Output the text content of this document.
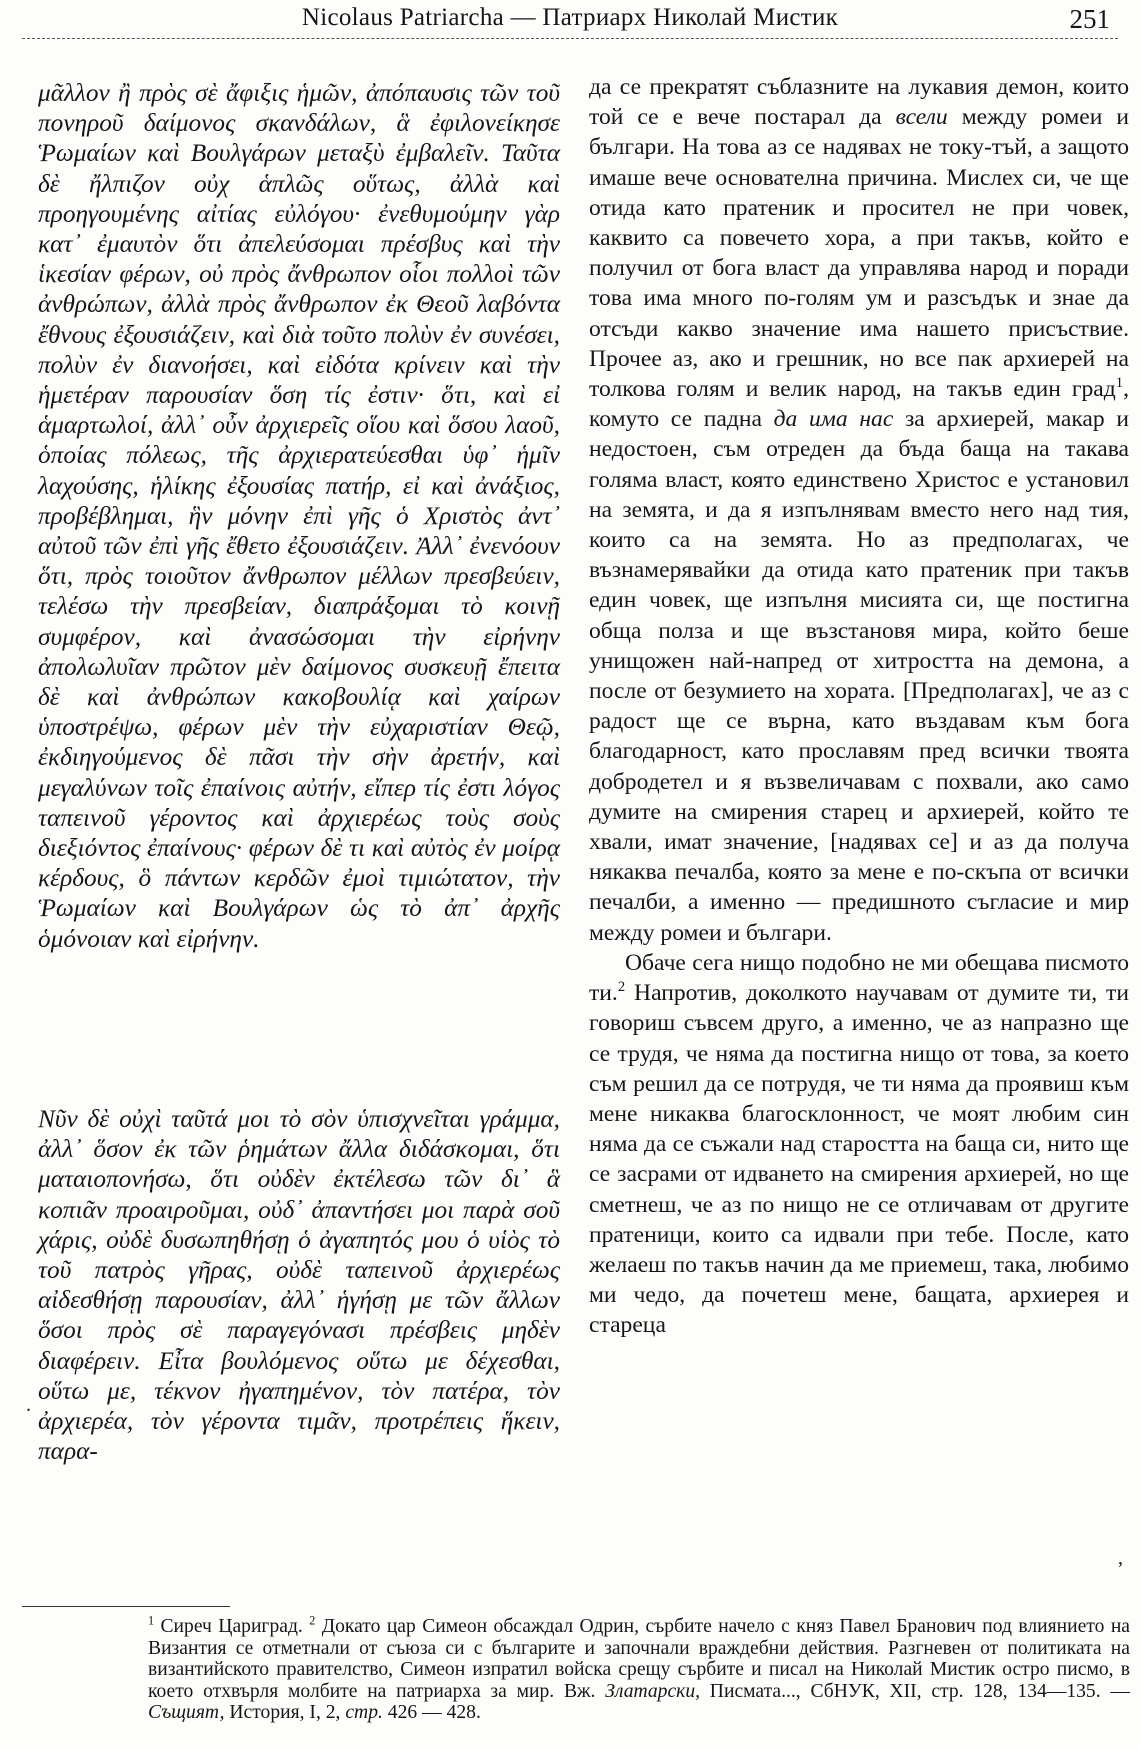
Nicolaus Patriarcha — Патриарх Николай Мистик	251

μᾶλλον ἢ πρὸς σὲ ἄφιξις ἡμῶν, ἀπόπαυσις τῶν τοῦ πονηροῦ δαίμονος σκανδάλων, ἃ ἐφιλονείκησε Ῥωμαίων καὶ Βουλγάρων μεταξὺ ἐμβαλεῖν. Ταῦτα δὲ ἤλπιζον οὐχ ἁπλῶς οὕτως, ἀλλὰ καὶ προηγουμένης αἰτίας εὐλόγου· ἐνεθυμούμην γὰρ κατ᾽ ἐμαυτὸν ὅτι ἀπελεύσομαι πρέσβυς καὶ τὴν ἱκεσίαν φέρων, οὐ πρὸς ἄνθρωπον οἷοι πολλοὶ τῶν ἀνθρώπων, ἀλλὰ πρὸς ἄνθρωπον ἐκ Θεοῦ λαβόντα ἔθνους ἐξουσιάζειν, καὶ διὰ τοῦτο πολὺν ἐν συνέσει, πολὺν ἐν διανοήσει, καὶ εἰδότα κρίνειν καὶ τὴν ἡμετέραν παρουσίαν ὅση τίς ἐστιν· ὅτι, καὶ εἰ ἁμαρτωλοί, ἀλλ᾽ οὖν ἀρχιερεῖς οἵου καὶ ὅσου λαοῦ, ὁποίας πόλεως, τῆς ἀρχιερατεύεσθαι ὑφ᾽ ἡμῖν λαχούσης, ἡλίκης ἐξουσίας πατήρ, εἰ καὶ ἀνάξιος, προβέβλημαι, ἣν μόνην ἐπὶ γῆς ὁ Χριστὸς ἀντ᾽ αὐτοῦ τῶν ἐπὶ γῆς ἔθετο ἐξουσιάζειν. Ἀλλ᾽ ἐνενόουν ὅτι, πρὸς τοιοῦτον ἄνθρωπον μέλλων πρεσβεύειν, τελέσω τὴν πρεσβείαν, διαπράξομαι τὸ κοινῇ συμφέρον, καὶ ἀνασώσομαι τὴν εἰρήνην ἀπολωλυῖαν πρῶτον μὲν δαίμονος συσκευῇ ἔπειτα δὲ καὶ ἀνθρώπων κακοβουλίᾳ καὶ χαίρων ὑποστρέψω, φέρων μὲν τὴν εὐχαριστίαν Θεῷ, ἐκδιηγούμενος δὲ πᾶσι τὴν σὴν ἀρετήν, καὶ μεγαλύνων τοῖς ἐπαίνοις αὐτήν, εἴπερ τίς ἐστι λόγος ταπεινοῦ γέροντος καὶ ἀρχιερέως τοὺς σοὺς διεξιόντος ἐπαίνους· φέρων δὲ τι καὶ αὐτὸς ἐν μοίρᾳ κέρδους, ὃ πάντων κερδῶν ἐμοὶ τιμιώτατον, τὴν Ῥωμαίων καὶ Βουλγάρων ὡς τὸ ἀπ᾽ ἀρχῆς ὁμόνοιαν καὶ εἰρήνην.

Νῦν δὲ οὐχὶ ταῦτά μοι τὸ σὸν ὑπισχνεῖται γράμμα, ἀλλ᾽ ὅσον ἐκ τῶν ῥημάτων ἄλλα διδάσκομαι, ὅτι ματαιοπονήσω, ὅτι οὐδὲν ἐκτέλεσω τῶν δι᾽ ἃ κοπιᾶν προαιροῦμαι, οὐδ᾽ ἀπαντήσει μοι παρὰ σοῦ χάρις, οὐδὲ δυσωπηθήσῃ ὁ ἀγαπητός μου ὁ υἱὸς τὸ τοῦ πατρὸς γῆρας, οὐδὲ ταπεινοῦ ἀρχιερέως αἰδεσθήσῃ παρουσίαν, ἀλλ᾽ ἡγήσῃ με τῶν ἄλλων ὅσοι πρὸς σὲ παραγεγόνασι πρέσβεις μηδὲν διαφέρειν. Εἶτα βουλόμενος οὕτω με δέχεσθαι, οὕτω με, τέκνον ἠγαπημένον, τὸν πατέρα, τὸν ἀρχιερέα, τὸν γέροντα τιμᾶν, προτρέπεις ἥκειν, παρα-

да се прекратят съблазните на лукавия демон, които той се е вече постарал да всели между ромеи и българи. На това аз се надявах не току-тъй, а защото имаше вече основателна причина. Мислех си, че ще отида като пратеник и просител не при човек, каквито са повечето хора, а при такъв, който е получил от бога власт да управлява народ и поради това има много по-голям ум и разсъдък и знае да отсъди какво значение има нашето присъствие. Прочее аз, ако и грешник, но все пак архиерей на толкова голям и велик народ, на такъв един град$^1$, комуто се падна да има нас за архиерей, макар и недостоен, съм отреден да бъда баща на такава голяма власт, която единствено Христос е установил на земята, и да я изпълнявам вместо него над тия, които са на земята. Но аз предполагах, че възнамерявайки да отида като пратеник при такъв един човек, ще изпълня мисията си, ще постигна обща полза и ще възстановя мира, който беше унищожен най-напред от хитростта на демона, а после от безумието на хората. [Предполагах], че аз с радост ще се върна, като въздавам към бога благодарност, като прославям пред всички твоята добродетел и я възвеличавам с похвали, ако само думите на смирения старец и архиерей, който те хвали, имат значение, [надявах се] и аз да получа някаква печалба, която за мене е по-скъпа от всички печалби, а именно — предишното съгласие и мир между ромеи и българи.

Обаче сега нищо подобно не ми обещава писмото ти.$^2$ Напротив, доколкото научавам от думите ти, ти говориш съвсем друго, а именно, че аз напразно ще се трудя, че няма да постигна нищо от това, за което съм решил да се потрудя, че ти няма да проявиш към мене никаква благосклонност, че моят любим син няма да се съжали над старостта на баща си, нито ще се засрами от идването на смирения архиерей, но ще сметнеш, че аз по нищо не се отличавам от другите пратеници, които са идвали при тебе. После, като желаеш по такъв начин да ме приемеш, така, любимо ми чедо, да почетеш мене, бащата, архиерея и стареца

.
,

$^1$ Сиреч Цариград. $^2$ Докато цар Симеон обсаждал Одрин, сърбите начело с княз Павел Бранович под влиянието на Византия се отметнали от съюза си с българите и започнали враждебни действия. Разгневен от политиката на византийското правителство, Симеон изпратил войска срещу сърбите и писал на Николай Мистик остро писмо, в което отхвърля молбите на патриарха за мир. Вж. Златарски, Писмата..., СбНУК, XII, стр. 128, 134—135. — Същият, История, I, 2, стр. 426 — 428.
